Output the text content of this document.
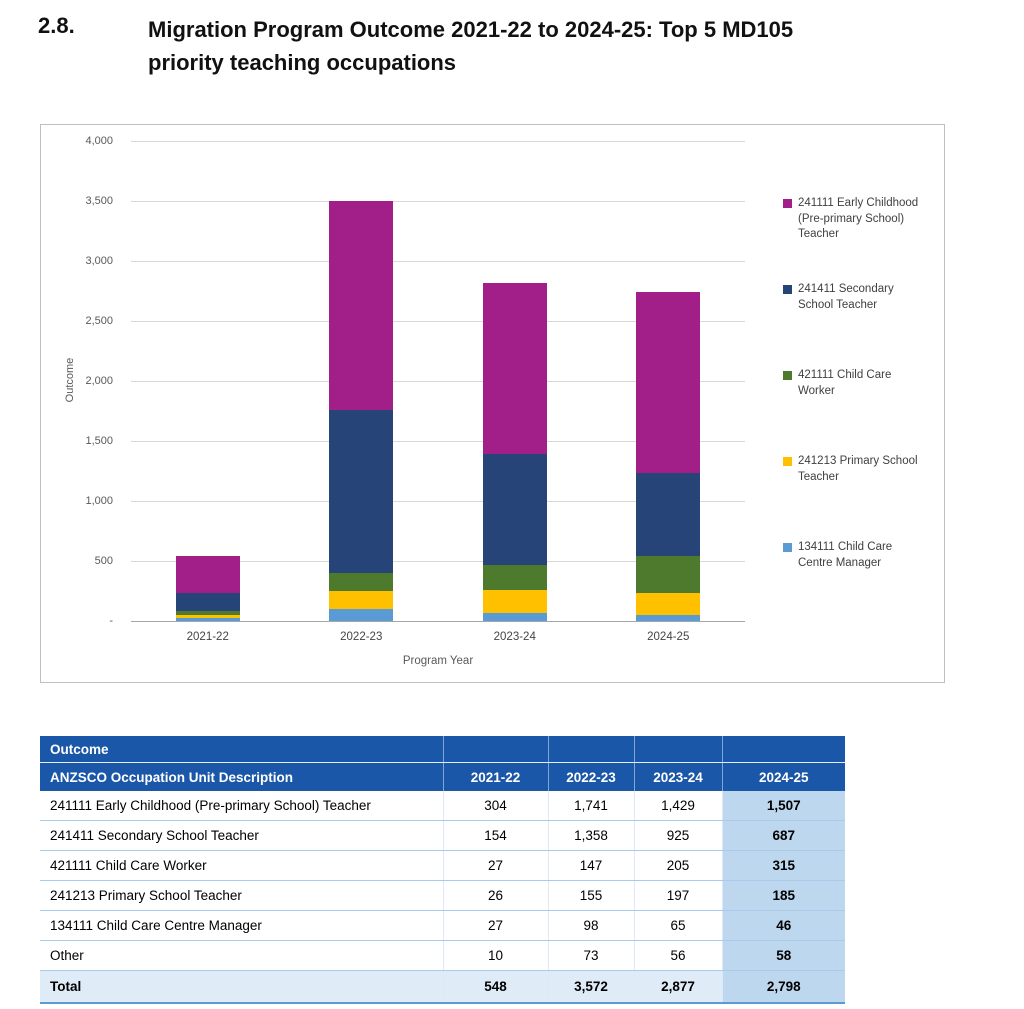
2.8.	Migration Program Outcome 2021-22 to 2024-25: Top 5 MD105
priority teaching occupations
Outcome
-
500
1,000
1,500
2,000
2,500
3,000
3,500
4,000
2021-22	2022-23	2023-24	2024-25
Program Year
241111 Early Childhood (Pre-primary School) Teacher
241411 Secondary School Teacher
421111 Child Care Worker
241213 Primary School Teacher
134111 Child Care Centre Manager
Outcome				
ANZSCO Occupation Unit Description	2021-22	2022-23	2023-24	2024-25
241111 Early Childhood (Pre-primary School) Teacher	304	1,741	1,429	1,507
241411 Secondary School Teacher	154	1,358	925	687
421111 Child Care Worker	27	147	205	315
241213 Primary School Teacher	26	155	197	185
134111 Child Care Centre Manager	27	98	65	46
Other	10	73	56	58
Total	548	3,572	2,877	2,798
